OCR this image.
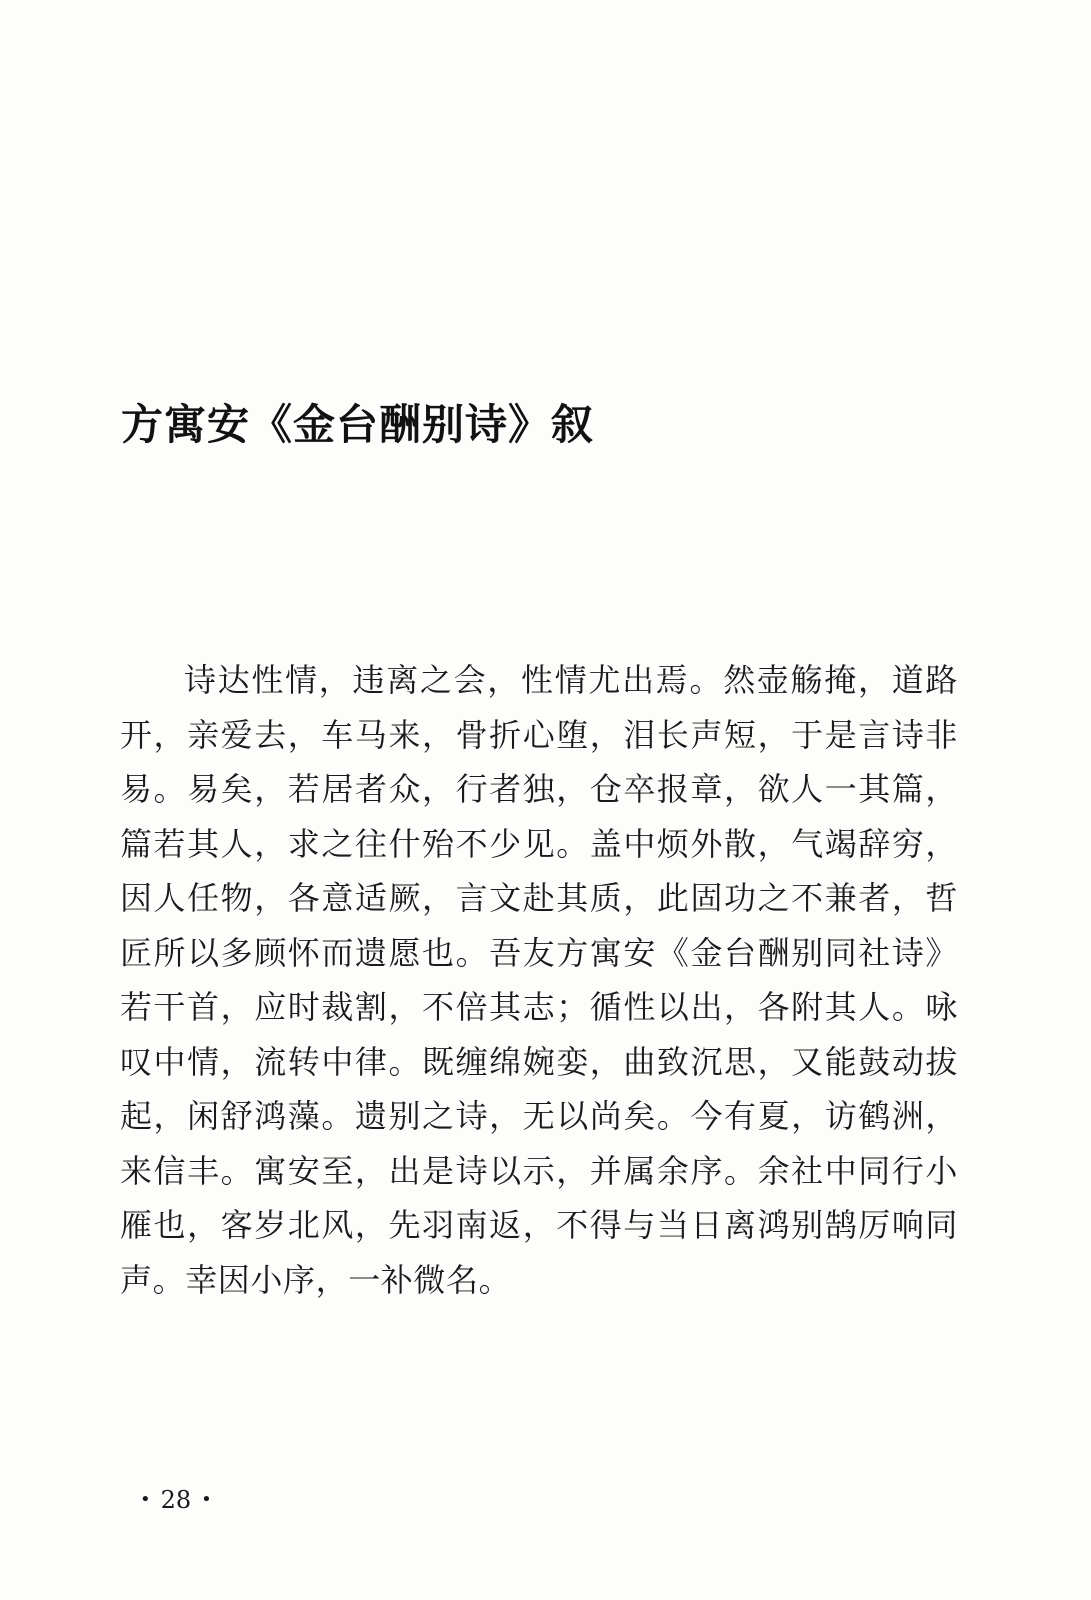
方寓安《金台酬别诗》叙

诗达性情，违离之会，性情尤出焉。然壶觞掩，道路开，亲爱去，车马来，骨折心堕，泪长声短，于是言诗非易。易矣，若居者众，行者独，仓卒报章，欲人一其篇，篇若其人，求之往什殆不少见。盖中烦外散，气竭辞穷，因人任物，各意适厥，言文赴其质，此固功之不兼者，哲匠所以多顾怀而遗愿也。吾友方寓安《金台酬别同社诗》若干首，应时裁割，不倍其志；循性以出，各附其人。咏叹中情，流转中律。既缠绵婉娈，曲致沉思，又能鼓动拔起，闲舒鸿藻。遗别之诗，无以尚矣。今有夏，访鹤洲，来信丰。寓安至，出是诗以示，并属余序。余社中同行小雁也，客岁北风，先羽南返，不得与当日离鸿别鹄厉响同声。幸因小序，一补微名。

• 28 •
